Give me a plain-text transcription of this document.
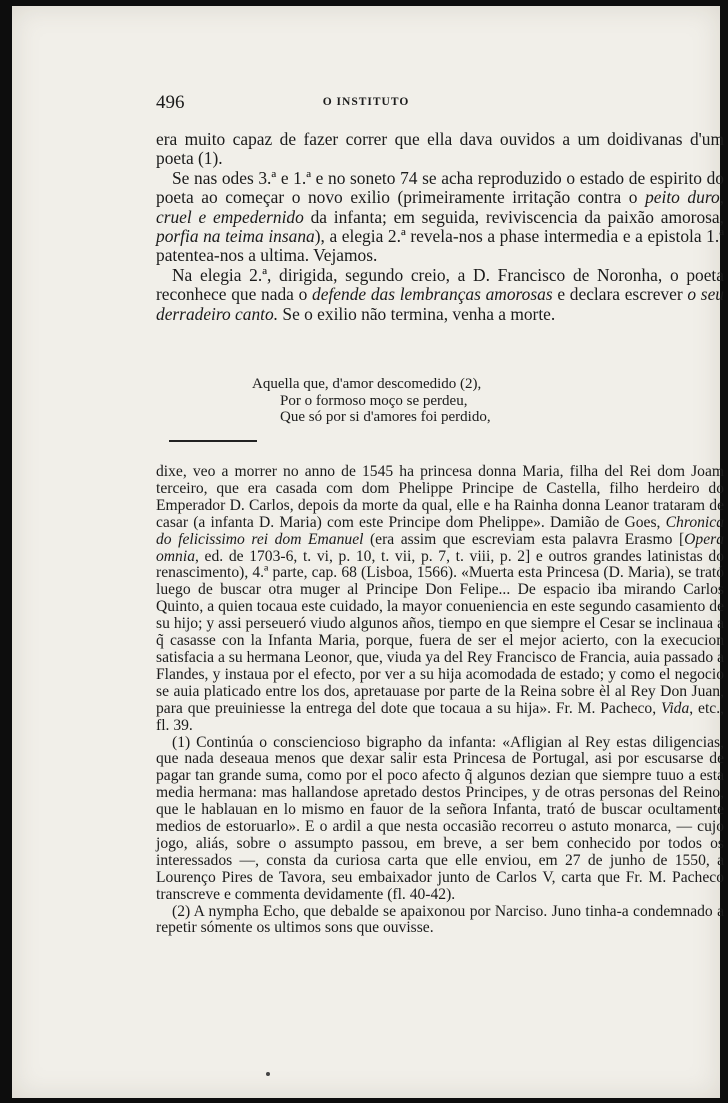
496	O INSTITUTO

era muito capaz de fazer correr que ella dava ouvidos a um doidivanas d'um poeta (1).

Se nas odes 3.ª e 1.ª e no soneto 74 se acha reproduzido o estado de espirito do poeta ao começar o novo exilio (primeiramente irritação contra o peito duro, cruel e empedernido da infanta; em seguida, reviviscencia da paixão amorosa, porfia na teima insana), a elegia 2.ª revela-nos a phase intermedia e a epistola 1.ª patentea-nos a ultima. Vejamos.

Na elegia 2.ª, dirigida, segundo creio, a D. Francisco de Noronha, o poeta reconhece que nada o defende das lembranças amorosas e declara escrever o seu derradeiro canto. Se o exilio não termina, venha a morte.

Aquella que, d'amor descomedido (2),
Por o formoso moço se perdeu,
Que só por si d'amores foi perdido,

dixe, veo a morrer no anno de 1545 ha princesa donna Maria, filha del Rei dom Joam terceiro, que era casada com dom Phelippe Principe de Castella, filho herdeiro do Emperador D. Carlos, depois da morte da qual, elle e ha Rainha donna Leanor trataram de casar (a infanta D. Maria) com este Principe dom Phelippe». Damião de Goes, Chronica do felicissimo rei dom Emanuel (era assim que escreviam esta palavra Erasmo [Opera omnia, ed. de 1703-6, t. vi, p. 10, t. vii, p. 7, t. viii, p. 2] e outros grandes latinistas do renascimento), 4.ª parte, cap. 68 (Lisboa, 1566). «Muerta esta Princesa (D. Maria), se trató luego de buscar otra muger al Principe Don Felipe... De espacio iba mirando Carlos Quinto, a quien tocaua este cuidado, la mayor conueniencia en este segundo casamiento de su hijo; y assi perseueró viudo algunos años, tiempo en que siempre el Cesar se inclinaua a q̃ casasse con la Infanta Maria, porque, fuera de ser el mejor acierto, con la execucion satisfacia a su hermana Leonor, que, viuda ya del Rey Francisco de Francia, auia passado a Flandes, y instaua por el efecto, por ver a su hija acomodada de estado; y como el negocio se auia platicado entre los dos, apretauase por parte de la Reina sobre èl al Rey Don Juan, para que preuiniesse la entrega del dote que tocaua a su hija». Fr. M. Pacheco, Vida, etc., fl. 39.

(1) Continúa o consciencioso bigrapho da infanta: «Afligian al Rey estas diligencias, que nada deseaua menos que dexar salir esta Princesa de Portugal, asi por escusarse de pagar tan grande suma, como por el poco afecto q̃ algunos dezian que siempre tuuo a esta media hermana: mas hallandose apretado destos Principes, y de otras personas del Reino, que le hablauan en lo mismo en fauor de la señora Infanta, trató de buscar ocultamente medios de estoruarlo». E o ardil a que nesta occasião recorreu o astuto monarca, — cujo jogo, aliás, sobre o assumpto passou, em breve, a ser bem conhecido por todos os interessados —, consta da curiosa carta que elle enviou, em 27 de junho de 1550, a Lourenço Pires de Tavora, seu embaixador junto de Carlos V, carta que Fr. M. Pacheco transcreve e commenta devidamente (fl. 40-42).

(2) A nympha Echo, que debalde se apaixonou por Narciso. Juno tinha-a condemnado a repetir sómente os ultimos sons que ouvisse.
